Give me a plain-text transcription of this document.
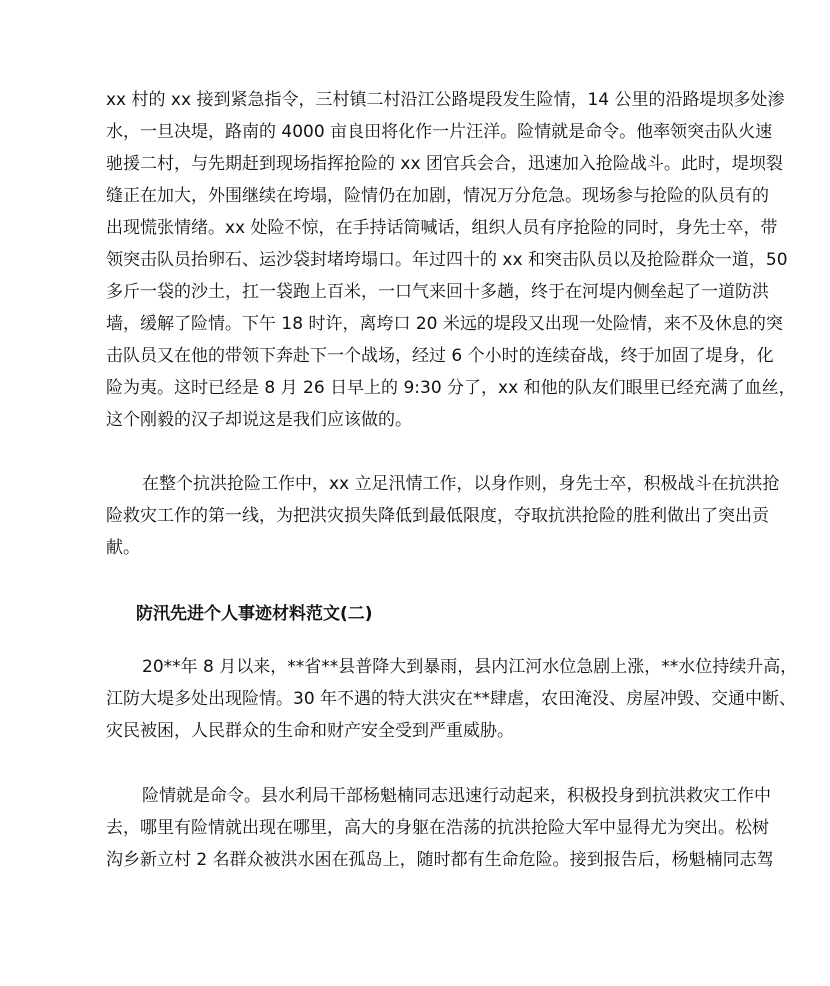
xx 村的 xx 接到紧急指令，三村镇二村沿江公路堤段发生险情，14 公里的沿路堤坝多处渗
水，一旦决堤，路南的 4000 亩良田将化作一片汪洋。险情就是命令。他率领突击队火速
驰援二村，与先期赶到现场指挥抢险的 xx 团官兵会合，迅速加入抢险战斗。此时，堤坝裂
缝正在加大，外围继续在垮塌，险情仍在加剧，情况万分危急。现场参与抢险的队员有的
出现慌张情绪。xx 处险不惊，在手持话筒喊话，组织人员有序抢险的同时，身先士卒，带
领突击队员抬卵石、运沙袋封堵垮塌口。年过四十的 xx 和突击队员以及抢险群众一道，50
多斤一袋的沙土，扛一袋跑上百米，一口气来回十多趟，终于在河堤内侧垒起了一道防洪
墙，缓解了险情。下午 18 时许，离垮口 20 米远的堤段又出现一处险情，来不及休息的突
击队员又在他的带领下奔赴下一个战场，经过 6 个小时的连续奋战，终于加固了堤身，化
险为夷。这时已经是 8 月 26 日早上的 9:30 分了，xx 和他的队友们眼里已经充满了血丝，
这个刚毅的汉子却说这是我们应该做的。
在整个抗洪抢险工作中，xx 立足汛情工作，以身作则，身先士卒，积极战斗在抗洪抢
险救灾工作的第一线，为把洪灾损失降低到最低限度，夺取抗洪抢险的胜利做出了突出贡
献。
防汛先进个人事迹材料范文(二)
20**年 8 月以来，**省**县普降大到暴雨，县内江河水位急剧上涨，**水位持续升高，
江防大堤多处出现险情。30 年不遇的特大洪灾在**肆虐，农田淹没、房屋冲毁、交通中断、
灾民被困，人民群众的生命和财产安全受到严重威胁。
险情就是命令。县水利局干部杨魁楠同志迅速行动起来，积极投身到抗洪救灾工作中
去，哪里有险情就出现在哪里，高大的身躯在浩荡的抗洪抢险大军中显得尤为突出。松树
沟乡新立村 2 名群众被洪水困在孤岛上，随时都有生命危险。接到报告后，杨魁楠同志驾
